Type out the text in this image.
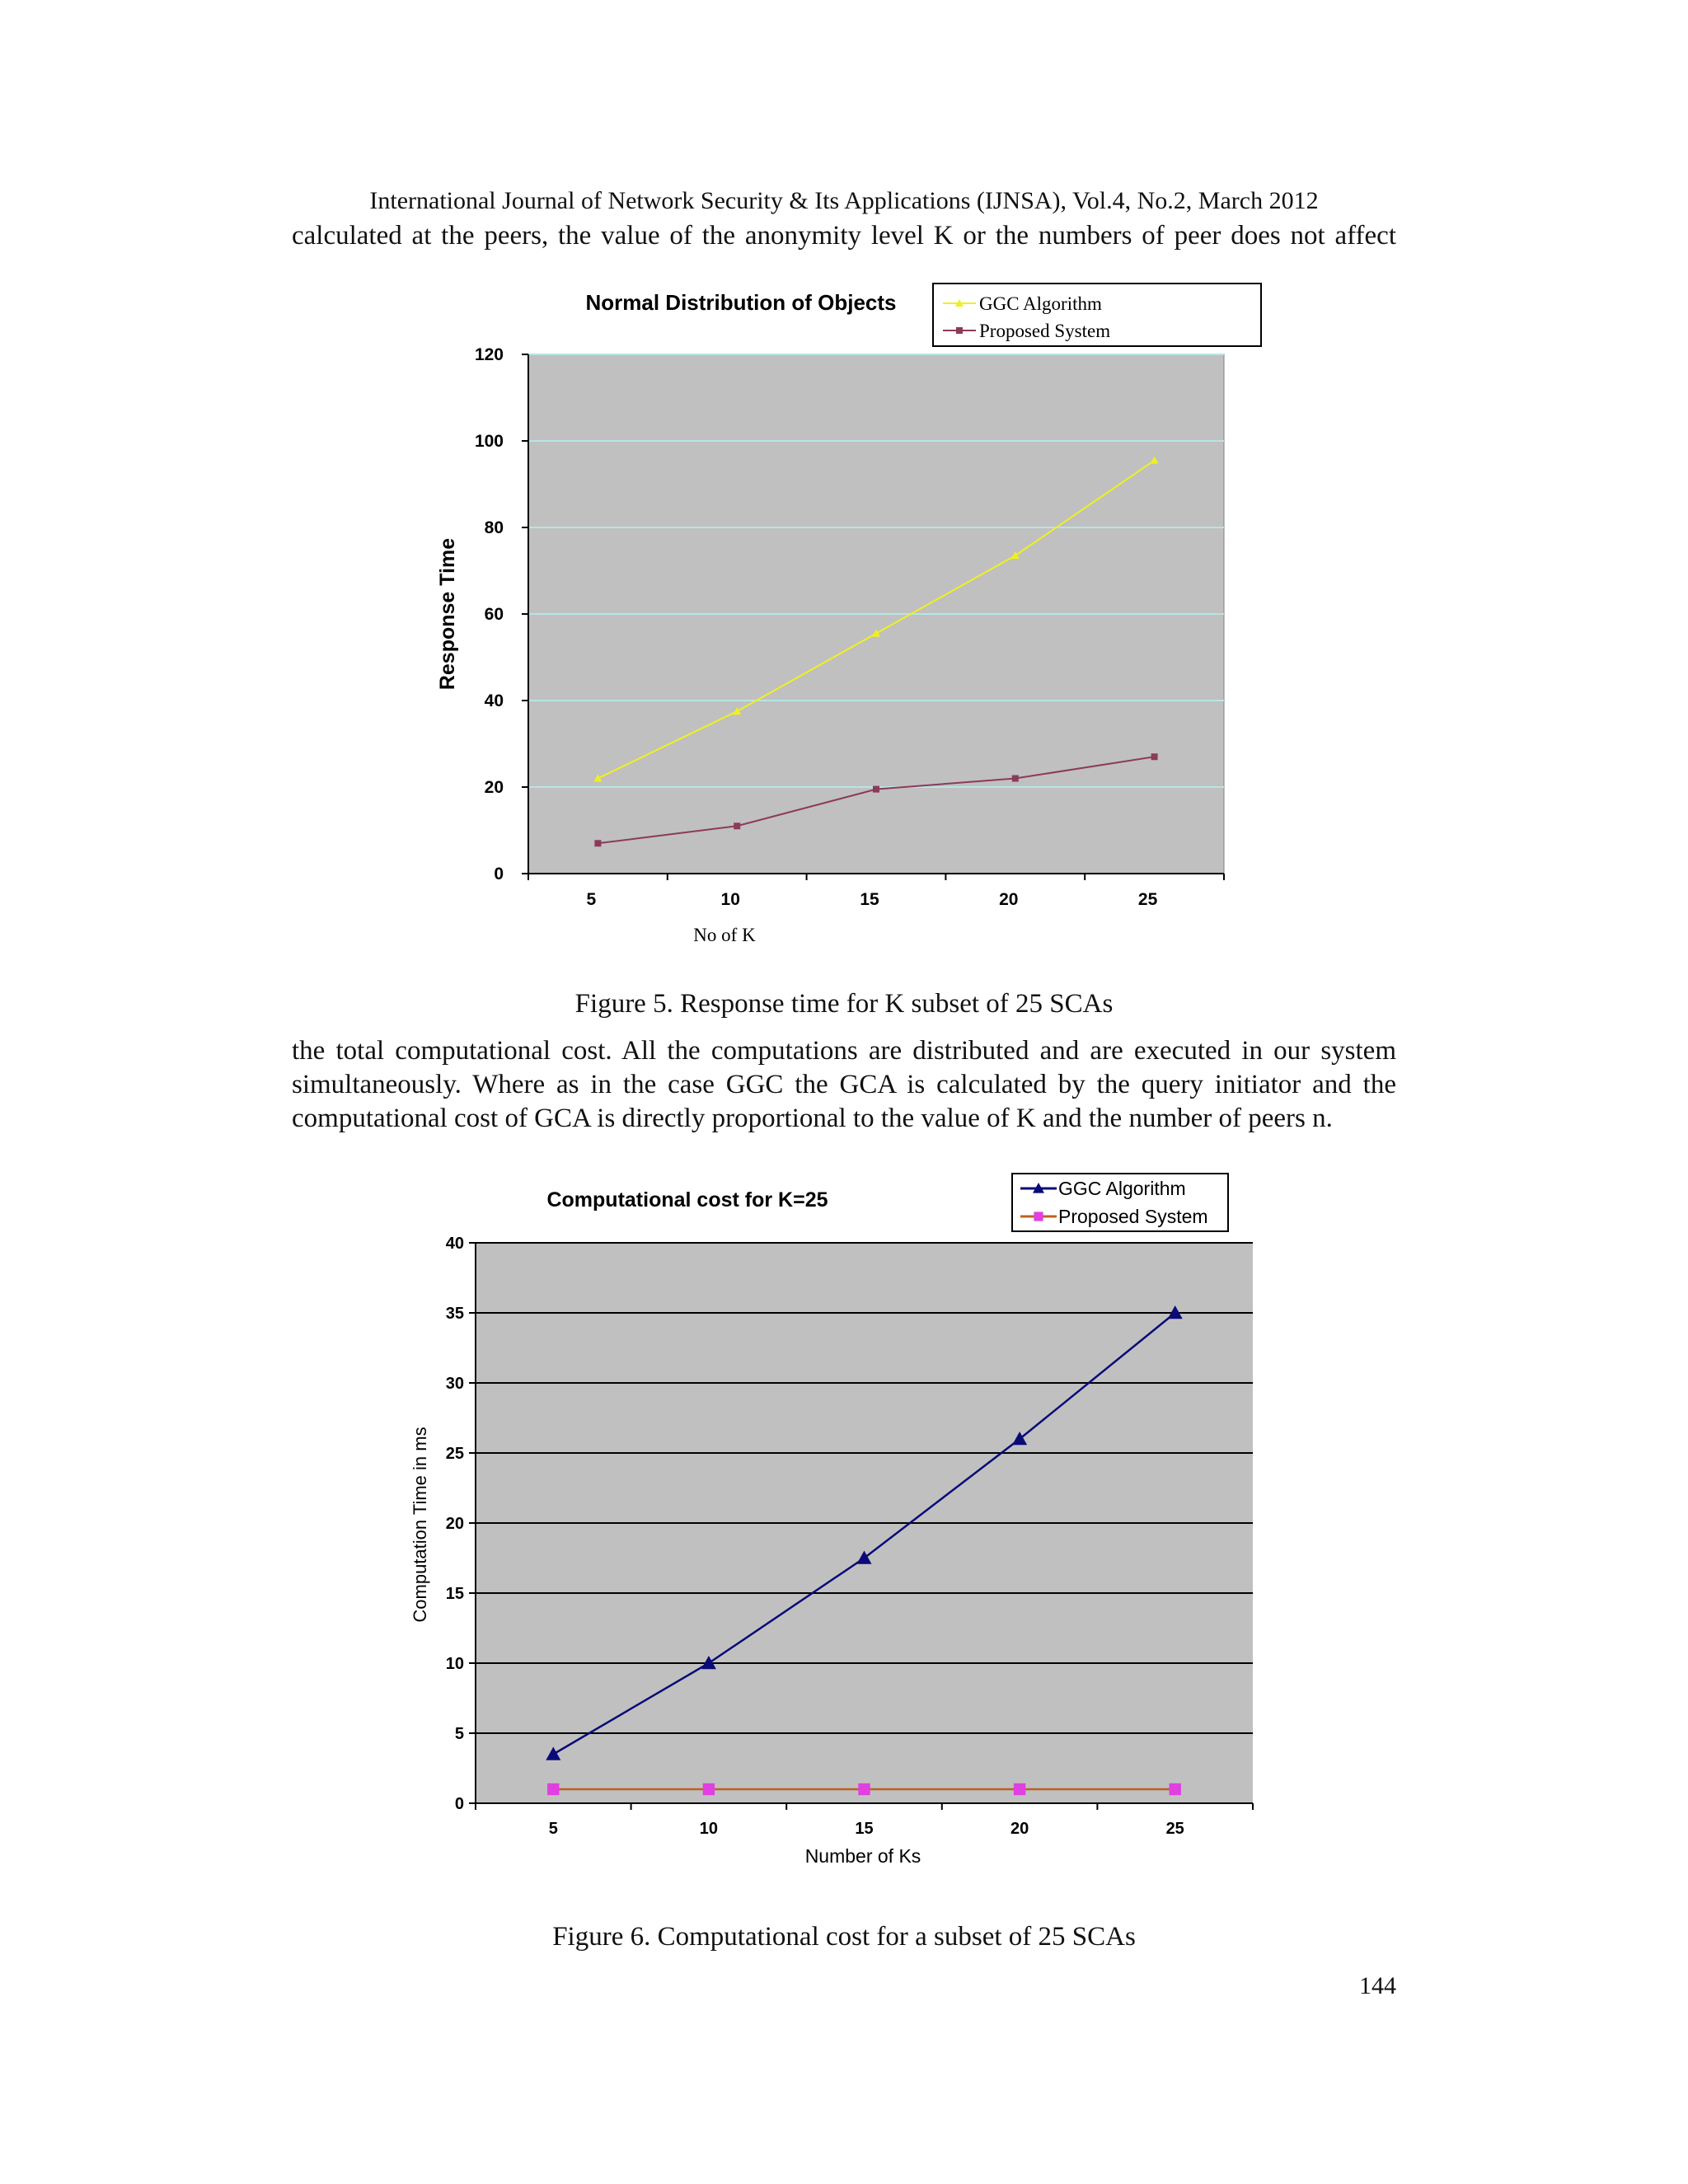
International Journal of Network Security & Its Applications (IJNSA), Vol.4, No.2, March 2012
calculated at the peers, the value of the anonymity level K or the numbers of peer does not affect
0
20
40
60
80
100
120
5	10	15	20	25
No of K
Response Time
Normal Distribution of Objects	GGC Algorithm
Proposed System
Figure 5. Response time for K subset of 25 SCAs
the total computational cost. All the computations are distributed and are executed in our system
simultaneously. Where as in the case GGC the GCA is calculated by the query initiator and the
computational cost of GCA is directly proportional to the value of K and the number of peers n.
0
5
10
15
20
25
30
35
40
5	10	15	20	25
Number of Ks
Computation Time in ms
Computational cost for K=25	GGC Algorithm
Proposed System
Figure 6. Computational cost for a subset of 25 SCAs
144
